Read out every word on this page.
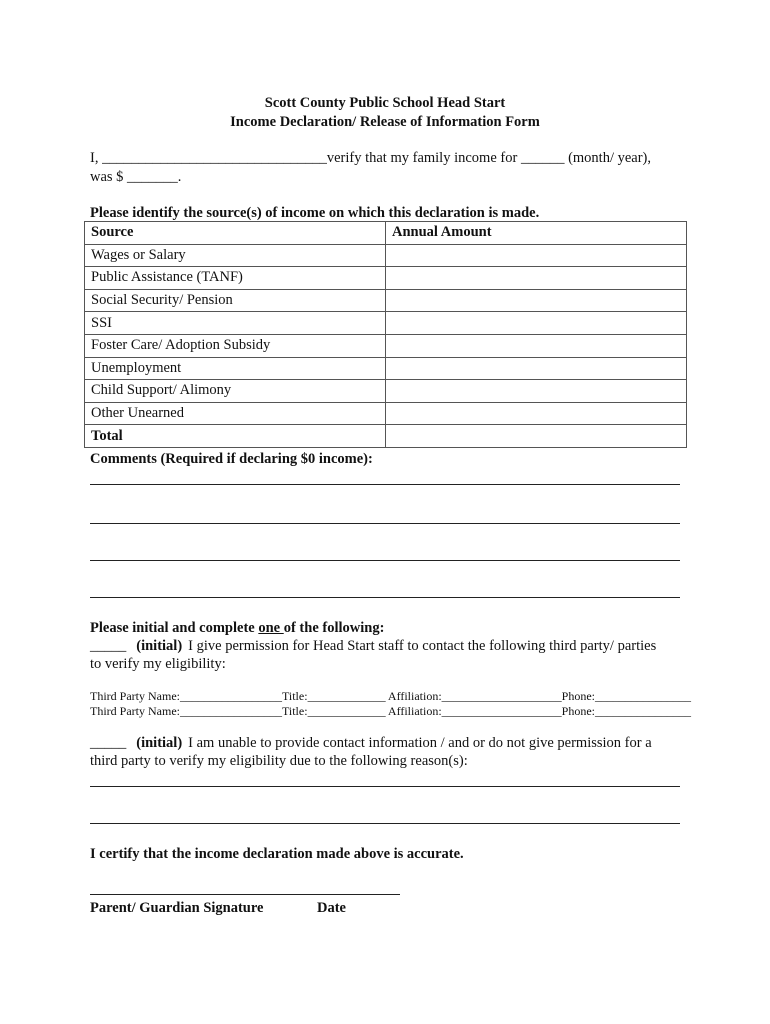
Scott County Public School Head Start
Income Declaration/ Release of Information Form
I, _______________________________verify that my family income for ______ (month/ year),
was $ _______.
Please identify the source(s) of income on which this declaration is made.
Source	Annual Amount
Wages or Salary	
Public Assistance (TANF)	
Social Security/ Pension	
SSI	
Foster Care/ Adoption Subsidy	
Unemployment	
Child Support/ Alimony	
Other Unearned	
Total	
Comments (Required if declaring $0 income):
Please initial and complete one of the following:
_____ (initial) I give permission for Head Start staff to contact the following third party/ parties
to verify my eligibility:
Third Party Name:_________________Title:_____________ Affiliation:____________________Phone:________________
Third Party Name:_________________Title:_____________ Affiliation:____________________Phone:________________
_____ (initial) I am unable to provide contact information / and or do not give permission for a
third party to verify my eligibility due to the following reason(s):
I certify that the income declaration made above is accurate.
Parent/ Guardian Signature	Date
